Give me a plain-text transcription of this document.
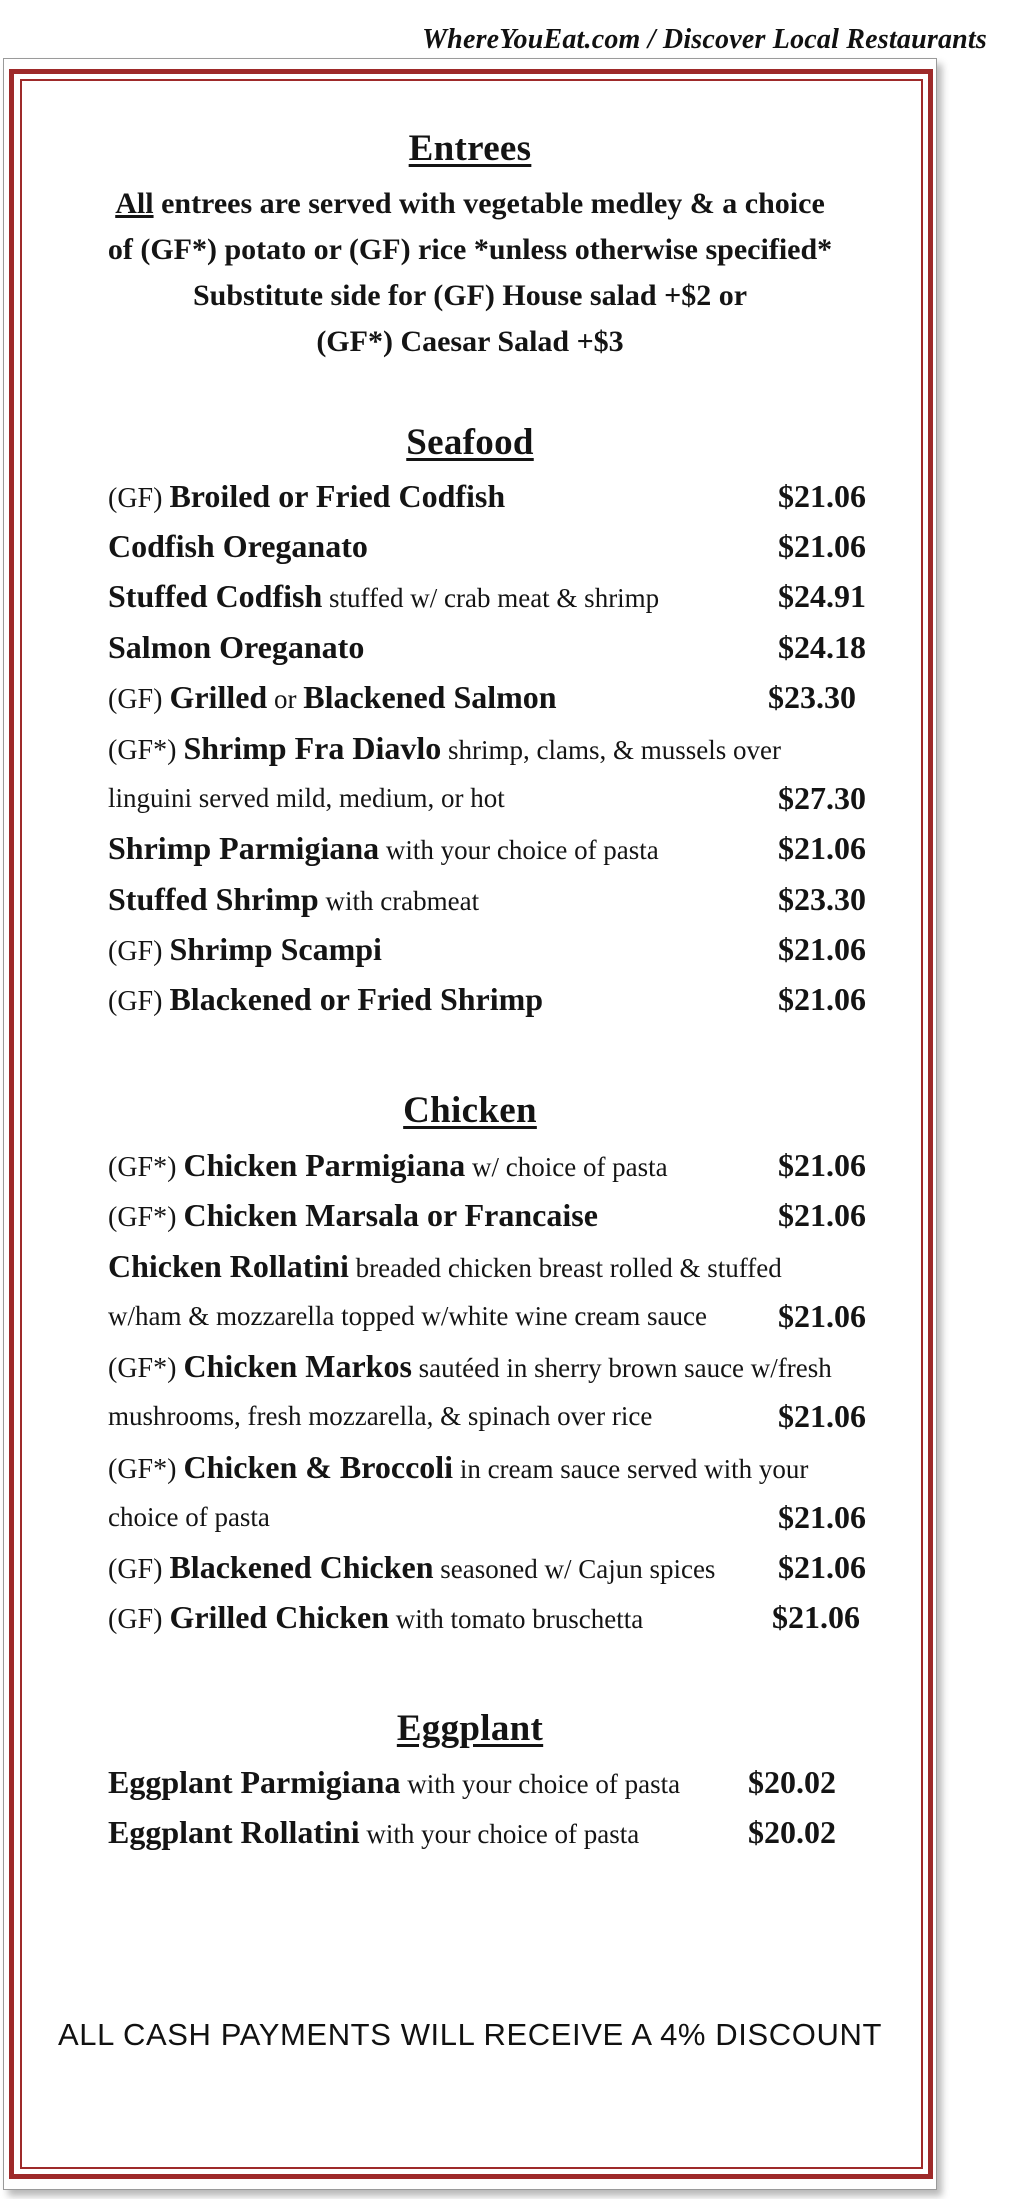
WhereYouEat.com / Discover Local Restaurants
Entrees
All entrees are served with vegetable medley & a choice
of (GF*) potato or (GF) rice *unless otherwise specified*
Substitute side for (GF) House salad +$2 or
(GF*) Caesar Salad +$3
Seafood
(GF) Broiled or Fried Codfish	$21.06
Codfish Oreganato	$21.06
Stuffed Codfish stuffed w/ crab meat & shrimp	$24.91
Salmon Oreganato	$24.18
(GF) Grilled or Blackened Salmon	$23.30
(GF*) Shrimp Fra Diavlo shrimp, clams, & mussels over
linguini served mild, medium, or hot	$27.30
Shrimp Parmigiana with your choice of pasta	$21.06
Stuffed Shrimp with crabmeat	$23.30
(GF) Shrimp Scampi	$21.06
(GF) Blackened or Fried Shrimp	$21.06
Chicken
(GF*) Chicken Parmigiana w/ choice of pasta	$21.06
(GF*) Chicken Marsala or Francaise	$21.06
Chicken Rollatini breaded chicken breast rolled & stuffed
w/ham & mozzarella topped w/white wine cream sauce $21.06
(GF*) Chicken Markos sautéed in sherry brown sauce w/fresh
mushrooms, fresh mozzarella, & spinach over rice	$21.06
(GF*) Chicken & Broccoli in cream sauce served with your
choice of pasta	$21.06
(GF) Blackened Chicken seasoned w/ Cajun spices $21.06
(GF) Grilled Chicken with tomato bruschetta	$21.06
Eggplant
Eggplant Parmigiana with your choice of pasta $20.02
Eggplant Rollatini with your choice of pasta	$20.02
ALL CASH PAYMENTS WILL RECEIVE A 4% DISCOUNT
